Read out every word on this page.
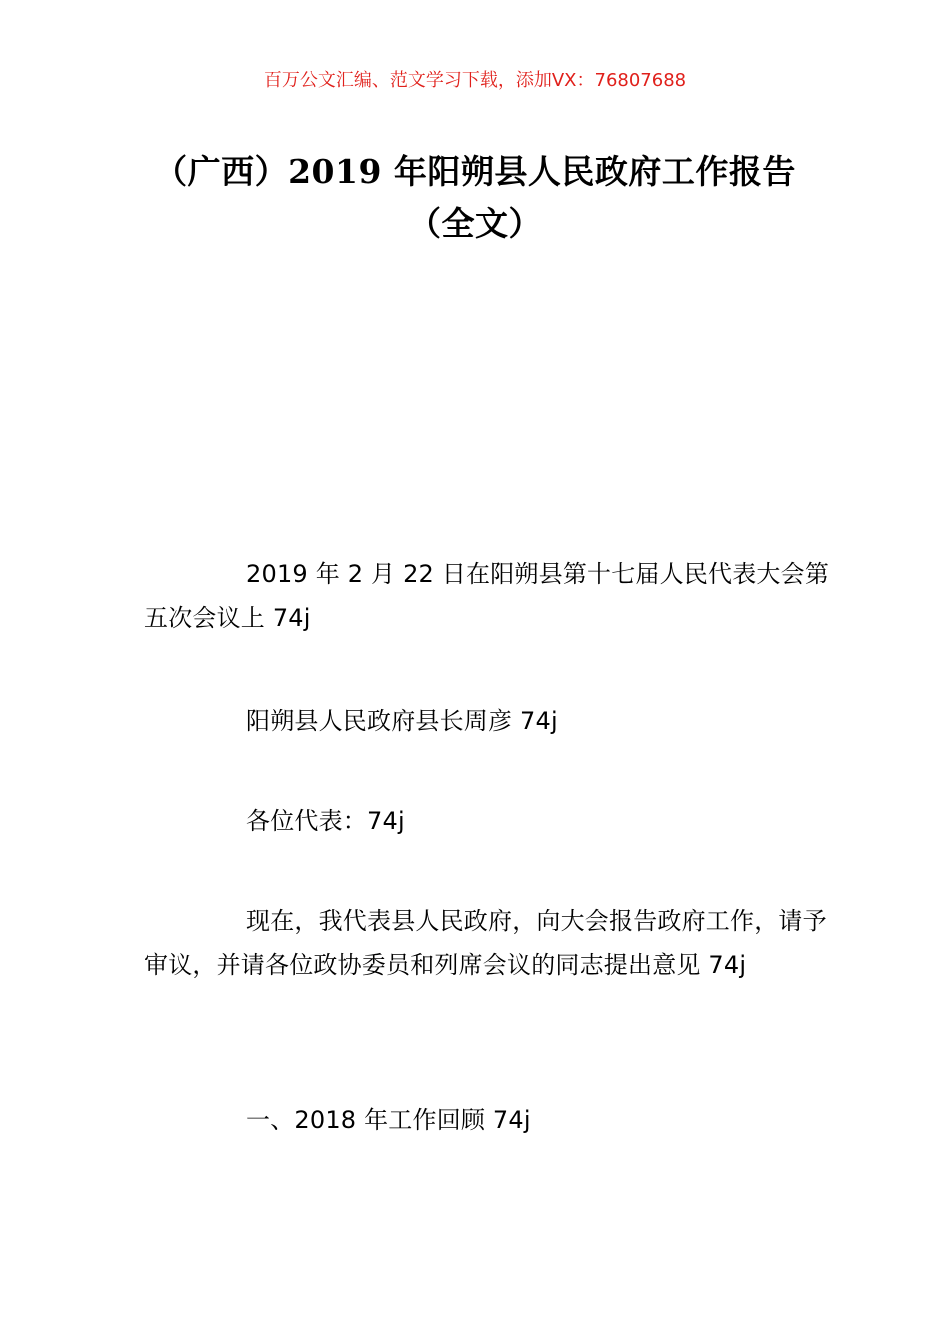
百万公文汇编、范文学习下载，添加VX：76807688
（广西）2019 年阳朔县人民政府工作报告
（全文）
2019 年 2 月 22 日在阳朔县第十七届人民代表大会第五次会议上 74j
阳朔县人民政府县长周彦 74j
各位代表：74j
现在，我代表县人民政府，向大会报告政府工作，请予审议，并请各位政协委员和列席会议的同志提出意见 74j
一、2018 年工作回顾 74j
